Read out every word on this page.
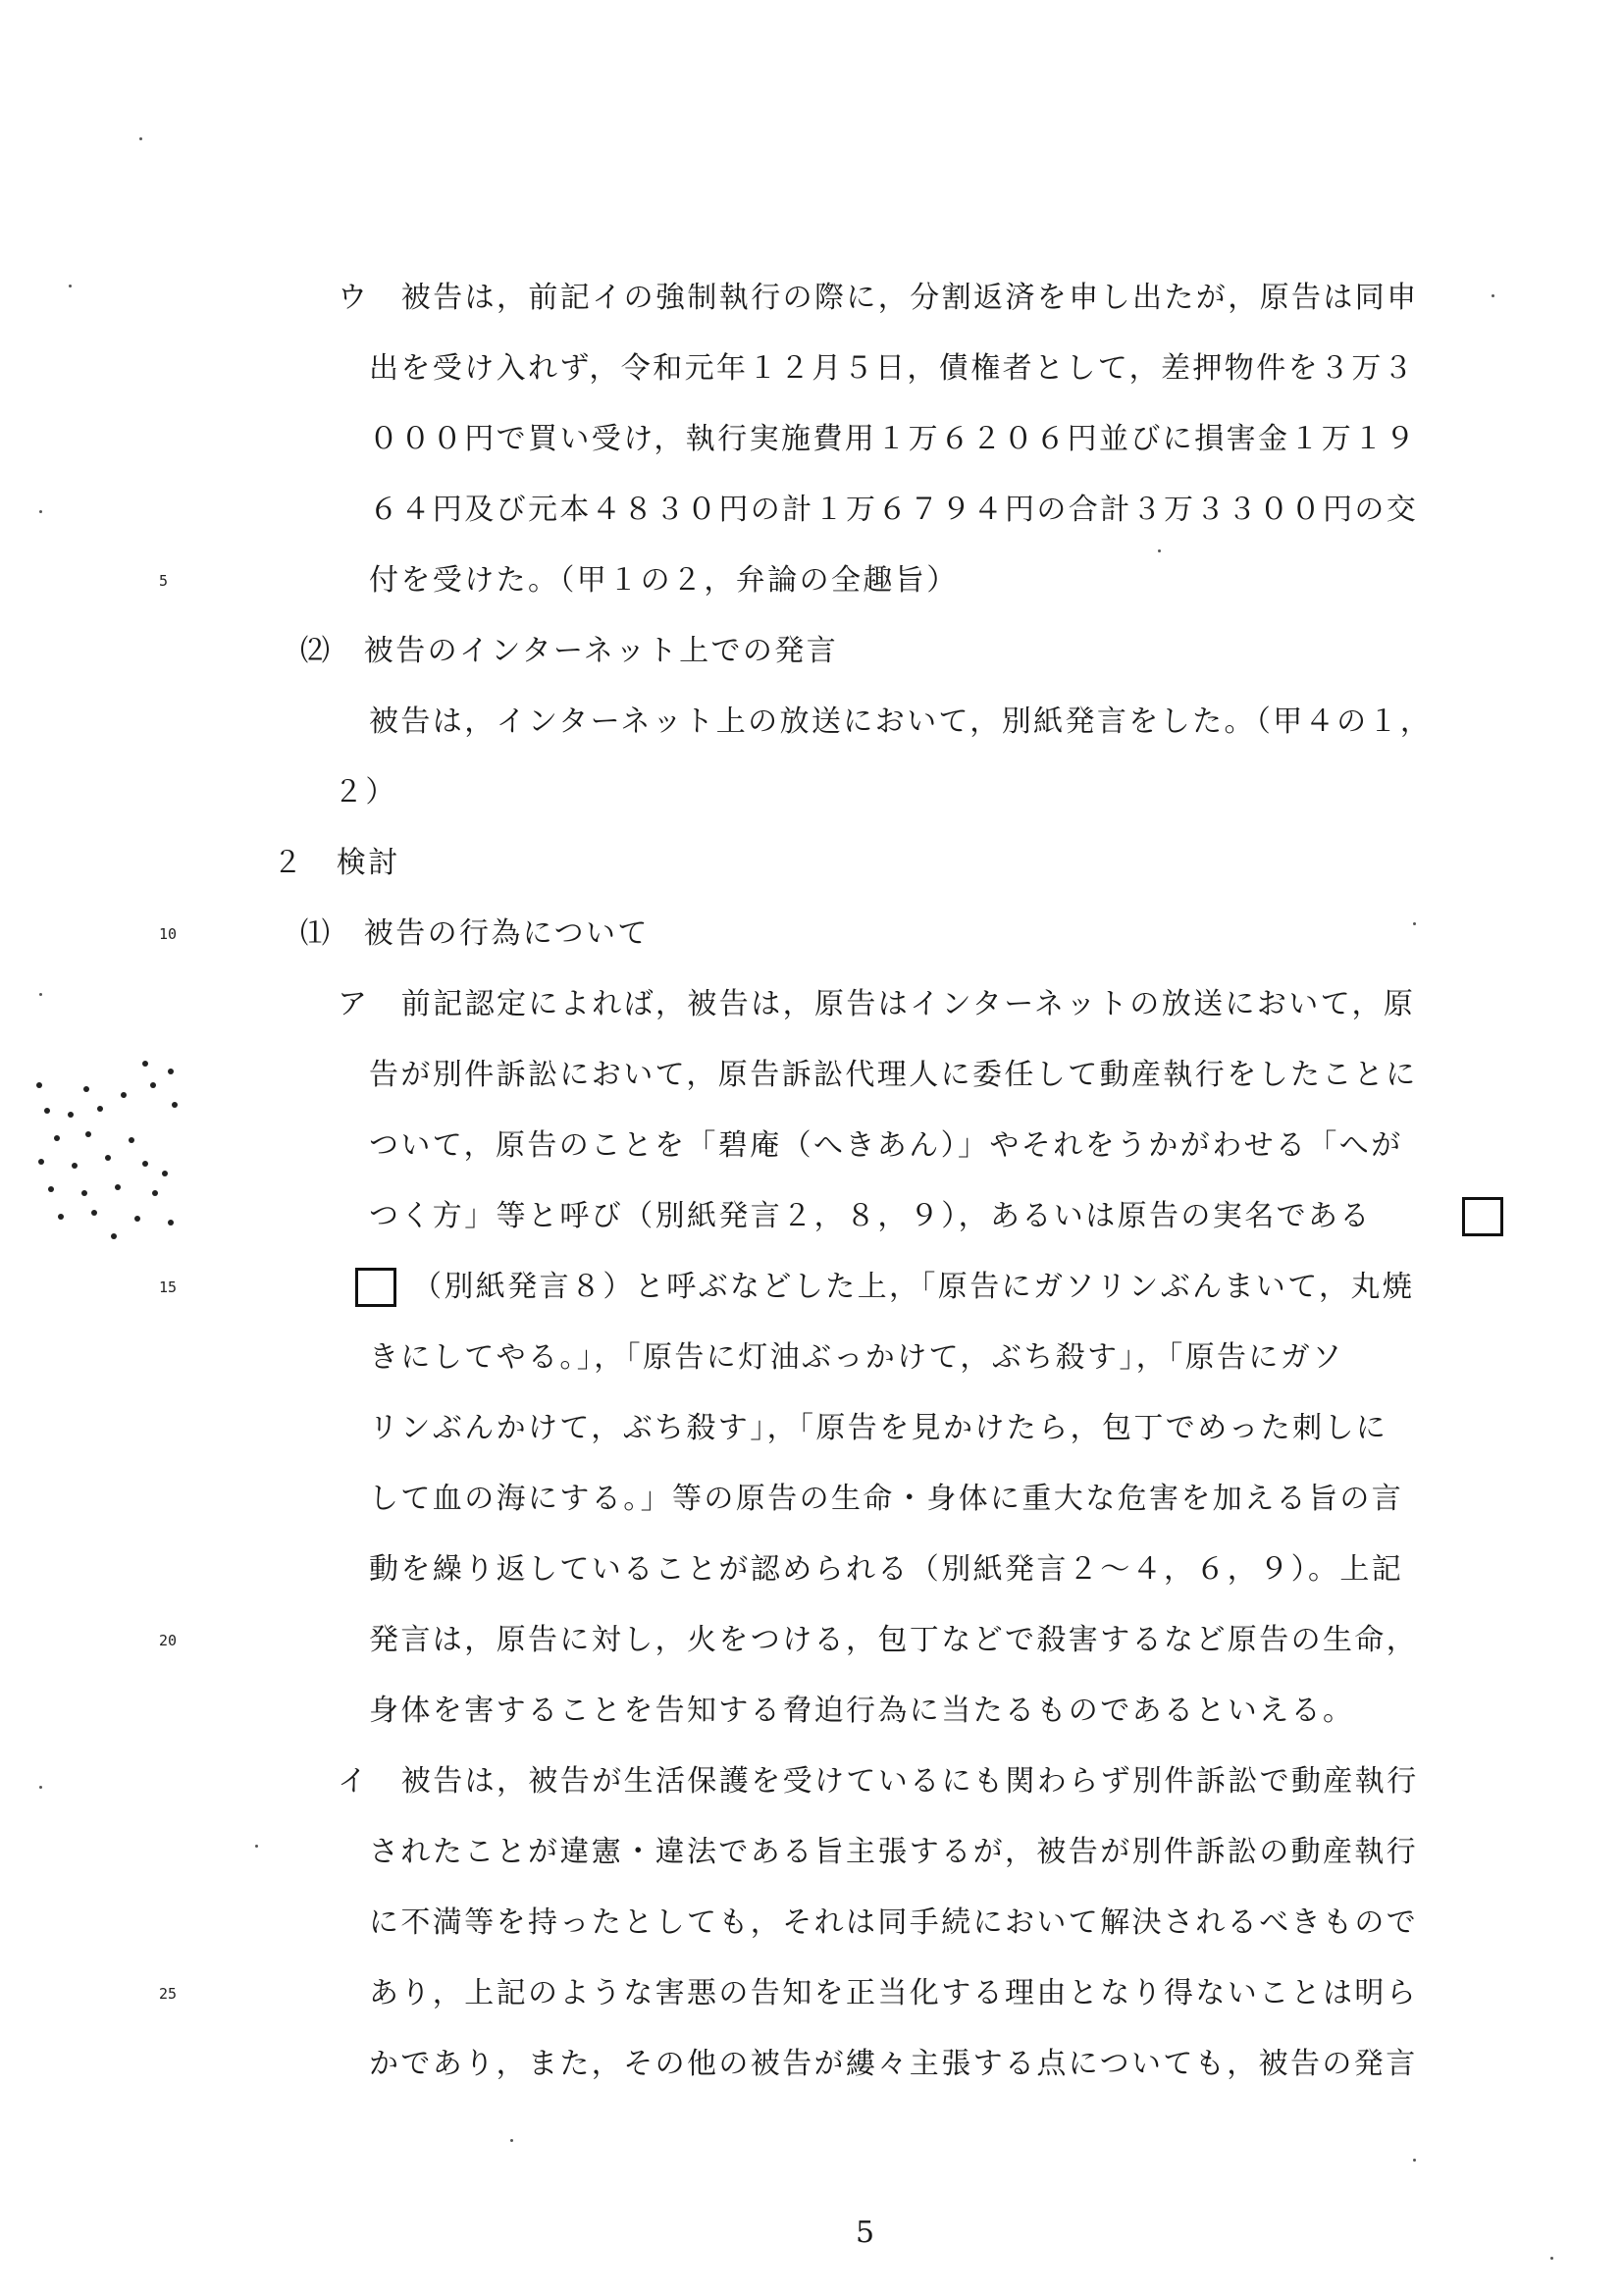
ウ　被告は，前記イの強制執行の際に，分割返済を申し出たが，原告は同申
出を受け入れず，令和元年１２月５日，債権者として，差押物件を３万３
０００円で買い受け，執行実施費用１万６２０６円並びに損害金１万１９
６４円及び元本４８３０円の計１万６７９４円の合計３万３３００円の交
付を受けた。（甲１の２，弁論の全趣旨）
⑵　被告のインターネット上での発言
被告は，インターネット上の放送において，別紙発言をした。（甲４の１，
２）
２　検討
⑴　被告の行為について
ア　前記認定によれば，被告は，原告はインターネットの放送において，原
告が別件訴訟において，原告訴訟代理人に委任して動産執行をしたことに
ついて，原告のことを「碧庵（へきあん）」やそれをうかがわせる「へが
つく方」等と呼び（別紙発言２，８，９），あるいは原告の実名である
（別紙発言８）と呼ぶなどした上，「原告にガソリンぶんまいて，丸焼
きにしてやる。」，「原告に灯油ぶっかけて，ぶち殺す」，「原告にガソ
リンぶんかけて，ぶち殺す」，「原告を見かけたら，包丁でめった刺しに
して血の海にする。」等の原告の生命・身体に重大な危害を加える旨の言
動を繰り返していることが認められる（別紙発言２～４，６，９）。上記
発言は，原告に対し，火をつける，包丁などで殺害するなど原告の生命，
身体を害することを告知する脅迫行為に当たるものであるといえる。
イ　被告は，被告が生活保護を受けているにも関わらず別件訴訟で動産執行
されたことが違憲・違法である旨主張するが，被告が別件訴訟の動産執行
に不満等を持ったとしても，それは同手続において解決されるべきもので
あり，上記のような害悪の告知を正当化する理由となり得ないことは明ら
かであり，また，その他の被告が縷々主張する点についても，被告の発言
5
10
15
20
25
5
